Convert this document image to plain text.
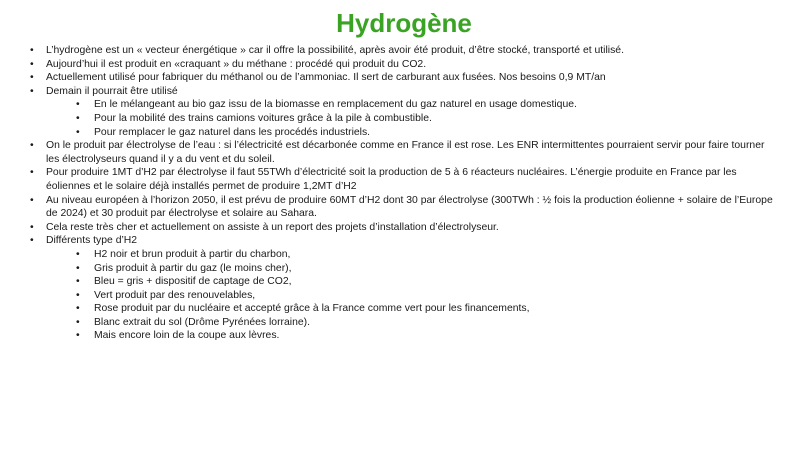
Hydrogène
• L’hydrogène est un « vecteur énergétique » car il offre la possibilité, après avoir été produit, d’être stocké, transporté et utilisé.
• Aujourd’hui il est produit en «craquant » du méthane : procédé qui produit du CO2.
• Actuellement utilisé pour fabriquer du méthanol ou de l’ammoniac. Il sert de carburant aux fusées. Nos besoins 0,9 MT/an
• Demain il pourrait être utilisé
• En le mélangeant au bio gaz issu de la biomasse en remplacement du gaz naturel en usage domestique.
• Pour la mobilité des trains camions voitures grâce à la pile à combustible.
• Pour remplacer le gaz naturel dans les procédés industriels.
• On le produit par électrolyse de l’eau : si l’électricité est décarbonée comme en France il est rose. Les ENR intermittentes pourraient servir pour faire tourner les électrolyseurs quand il y a du vent et du soleil.
• Pour produire 1MT d’H2 par électrolyse il faut 55TWh d’électricité soit la production de 5 à 6 réacteurs nucléaires. L’énergie produite en France par les éoliennes et le solaire déjà installés permet de produire 1,2MT d’H2
• Au niveau européen à l’horizon 2050, il est prévu de produire 60MT d’H2 dont 30 par électrolyse (300TWh : ½ fois la production éolienne + solaire de l’Europe de 2024) et 30 produit par électrolyse et solaire au Sahara.
• Cela reste très cher et actuellement on assiste à un report des projets d’installation d’électrolyseur.
• Différents type d’H2
• H2 noir et brun produit à partir du charbon,
• Gris produit à partir du gaz (le moins cher),
• Bleu = gris + dispositif de captage de CO2,
• Vert produit par des renouvelables,
• Rose produit par du nucléaire et accepté grâce à la France comme vert pour les financements,
• Blanc extrait du sol (Drôme Pyrénées lorraine).
• Mais encore loin de la coupe aux lèvres.
